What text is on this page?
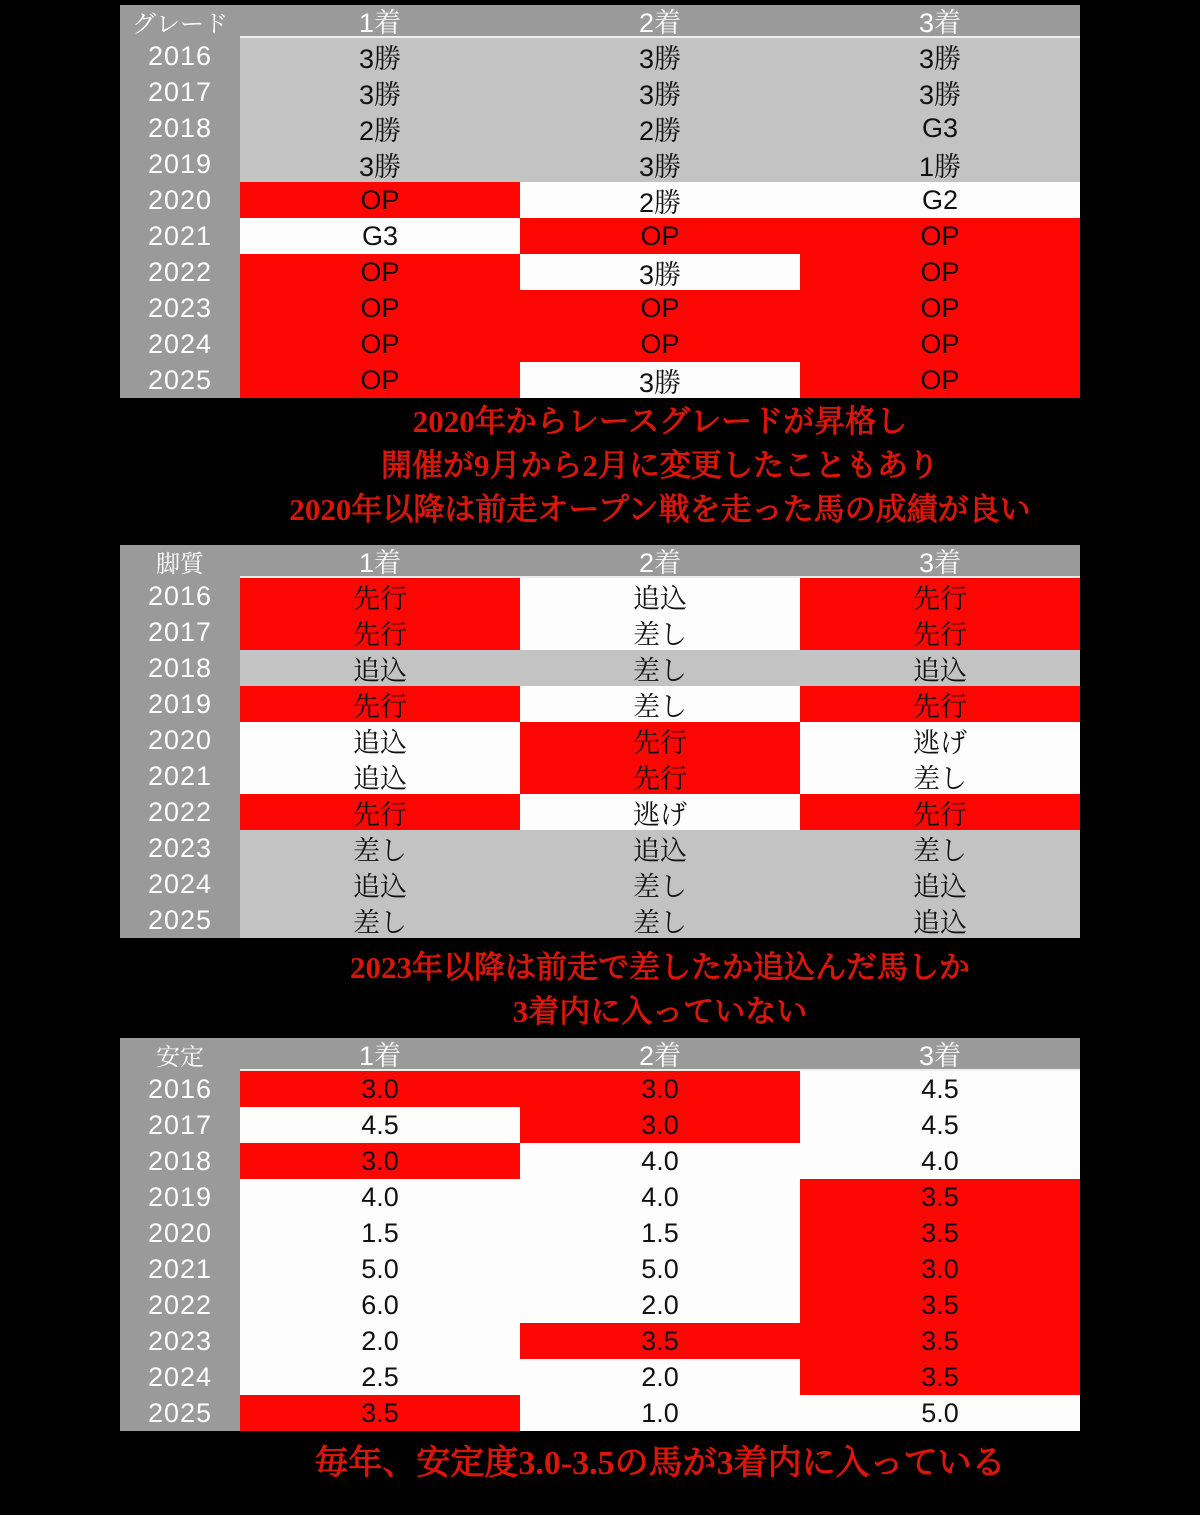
グレード	1着	2着	3着
2016	3勝	3勝	3勝
2017	3勝	3勝	3勝
2018	2勝	2勝	G3
2019	3勝	3勝	1勝
2020	OP	2勝	G2
2021	G3	OP	OP
2022	OP	3勝	OP
2023	OP	OP	OP
2024	OP	OP	OP
2025	OP	3勝	OP
2020年からレースグレードが昇格し
開催が9月から2月に変更したこともあり
2020年以降は前走オープン戦を走った馬の成績が良い
脚質	1着	2着	3着
2016	先行	追込	先行
2017	先行	差し	先行
2018	追込	差し	追込
2019	先行	差し	先行
2020	追込	先行	逃げ
2021	追込	先行	差し
2022	先行	逃げ	先行
2023	差し	追込	差し
2024	追込	差し	追込
2025	差し	差し	追込
2023年以降は前走で差したか追込んだ馬しか
3着内に入っていない
安定	1着	2着	3着
2016	3.0	3.0	4.5
2017	4.5	3.0	4.5
2018	3.0	4.0	4.0
2019	4.0	4.0	3.5
2020	1.5	1.5	3.5
2021	5.0	5.0	3.0
2022	6.0	2.0	3.5
2023	2.0	3.5	3.5
2024	2.5	2.0	3.5
2025	3.5	1.0	5.0
毎年、安定度3.0-3.5の馬が3着内に入っている
